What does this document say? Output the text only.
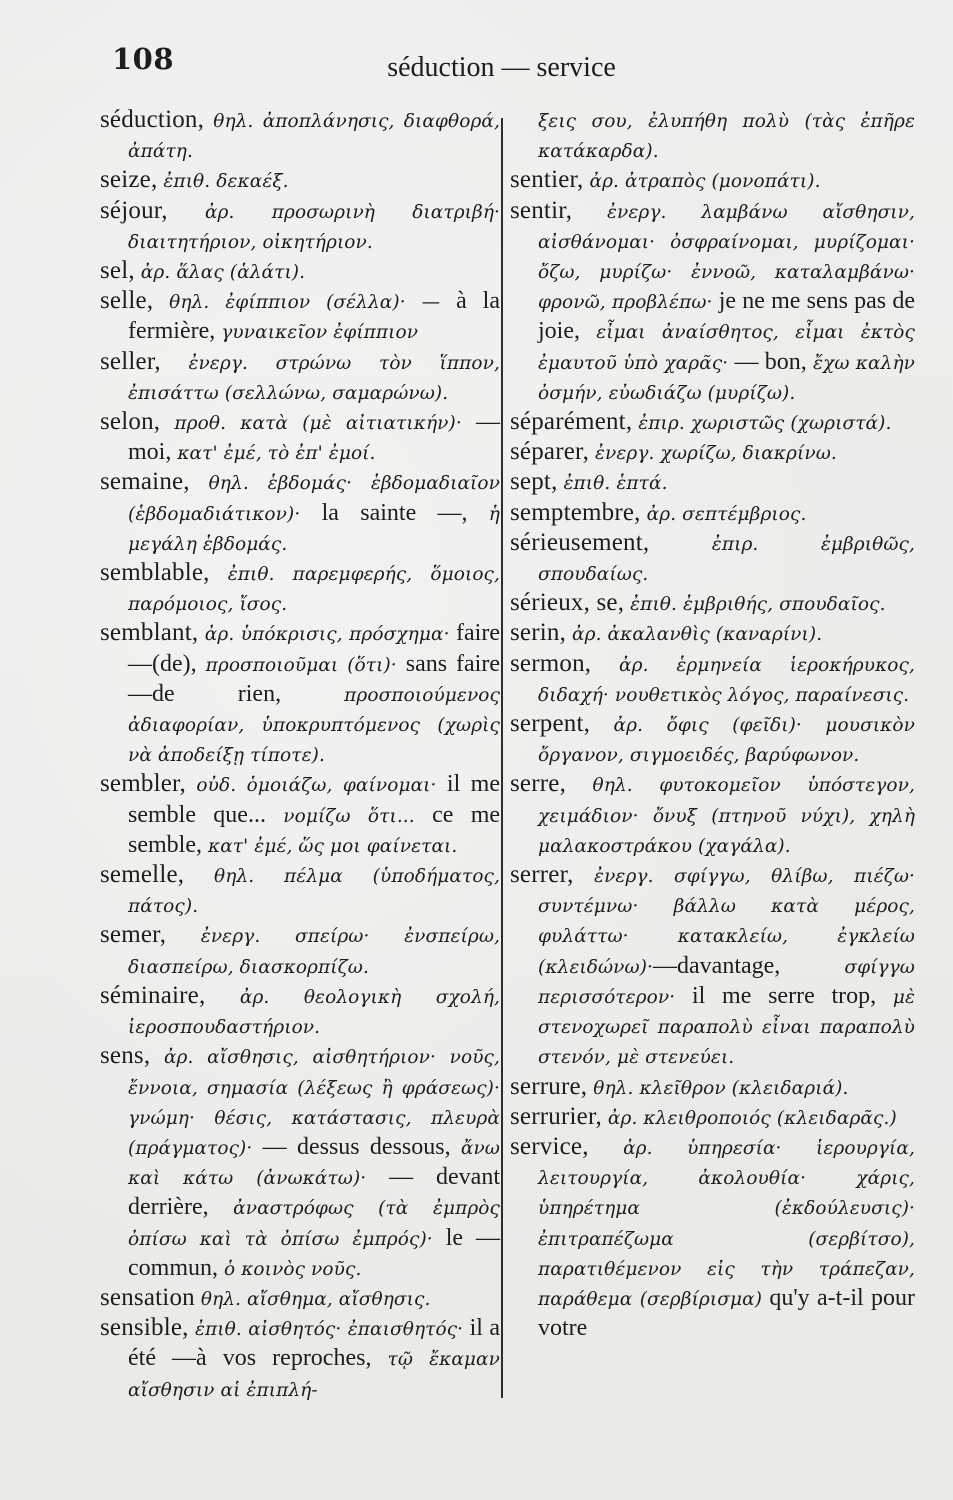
108	séduction — service

séduction, θηλ. ἀποπλάνησις, διαφθορά, ἀπάτη.

seize, ἐπιθ. δεκαέξ.

séjour, ἀρ. προσωρινὴ διατριβή· διαιτητήριον, οἰκητήριον.

sel, ἀρ. ἅλας (ἁλάτι).

selle, θηλ. ἐφίππιον (σέλλα)· — à la fermière, γυναικεῖον ἐφίππιον

seller, ἐνεργ. στρώνω τὸν ἵππον, ἐπισάττω (σελλώνω, σαμαρώνω).

selon, προθ. κατὰ (μὲ αἰτιατικήν)· —moi, κατ' ἐμέ, τὸ ἐπ' ἐμοί.

semaine, θηλ. ἑβδομάς· ἑβδομαδιαῖον (ἑβδομαδιάτικον)· la sainte —, ἡ μεγάλη ἑβδομάς.

semblable, ἐπιθ. παρεμφερής, ὅμοιος, παρόμοιος, ἴσος.

semblant, ἀρ. ὑπόκρισις, πρόσχημα· faire —(de), προσποιοῦμαι (ὅτι)· sans faire—de rien, προσποιούμενος ἀδιαφορίαν, ὑποκρυπτόμενος (χωρὶς νὰ ἀποδείξῃ τίποτε).

sembler, οὐδ. ὁμοιάζω, φαίνομαι· il me semble que... νομίζω ὅτι... ce me semble, κατ' ἐμέ, ὥς μοι φαίνεται.

semelle, θηλ. πέλμα (ὑποδήματος, πάτος).

semer, ἐνεργ. σπείρω· ἐνσπείρω, διασπείρω, διασκορπίζω.

séminaire, ἀρ. θεολογικὴ σχολή, ἱεροσπουδαστήριον.

sens, ἀρ. αἴσθησις, αἰσθητήριον· νοῦς, ἔννοια, σημασία (λέξεως ἢ φράσεως)· γνώμη· θέσις, κατάστασις, πλευρὰ (πράγματος)· — dessus dessous, ἄνω καὶ κάτω (ἀνωκάτω)· — devant derrière, ἀναστρόφως (τὰ ἐμπρὸς ὀπίσω καὶ τὰ ὀπίσω ἐμπρός)· le — commun, ὁ κοινὸς νοῦς.

sensation θηλ. αἴσθημα, αἴσθησις.

sensible, ἐπιθ. αἰσθητός· ἐπαισθητός· il a été —à vos reproches, τῷ ἔκαμαν αἴσθησιν αἱ ἐπιπλή-

ξεις σου, ἐλυπήθη πολὺ (τὰς ἐπῆρε κατάκαρδα).

sentier, ἀρ. ἀτραπὸς (μονοπάτι).

sentir, ἐνεργ. λαμβάνω αἴσθησιν, αἰσθάνομαι· ὀσφραίνομαι, μυρίζομαι· ὄζω, μυρίζω· ἐννοῶ, καταλαμβάνω· φρονῶ, προβλέπω· je ne me sens pas de joie, εἶμαι ἀναίσθητος, εἶμαι ἐκτὸς ἐμαυτοῦ ὑπὸ χαρᾶς· — bon, ἔχω καλὴν ὀσμήν, εὐωδιάζω (μυρίζω).

séparément, ἐπιρ. χωριστῶς (χωριστά).

séparer, ἐνεργ. χωρίζω, διακρίνω.

sept, ἐπιθ. ἑπτά.

semptembre, ἀρ. σεπτέμβριος.

sérieusement, ἐπιρ. ἐμβριθῶς, σπουδαίως.

sérieux, se, ἐπιθ. ἐμβριθής, σπουδαῖος.

serin, ἀρ. ἀκαλανθὶς (καναρίνι).

sermon, ἀρ. ἑρμηνεία ἱεροκήρυκος, διδαχή· νουθετικὸς λόγος, παραίνεσις.

serpent, ἀρ. ὄφις (φεῖδι)· μουσικὸν ὄργανον, σιγμοειδές, βαρύφωνον.

serre, θηλ. φυτοκομεῖον ὑπόστεγον, χειμάδιον· ὄνυξ (πτηνοῦ νύχι), χηλὴ μαλακοστράκου (χαγάλα).

serrer, ἐνεργ. σφίγγω, θλίβω, πιέζω· συντέμνω· βάλλω κατὰ μέρος, φυλάττω· κατακλείω, ἐγκλείω (κλειδώνω)·—davantage, σφίγγω περισσότερον· il me serre trop, μὲ στενοχωρεῖ παραπολὺ εἶναι παραπολὺ στενόν, μὲ στενεύει.

serrure, θηλ. κλεῖθρον (κλειδαριά).

serrurier, ἀρ. κλειθροποιός (κλειδαρᾶς.)

service, ἀρ. ὑπηρεσία· ἱερουργία, λειτουργία, ἀκολουθία· χάρις, ὑπηρέτημα (ἐκδούλευσις)· ἐπιτραπέζωμα (σερβίτσο), παρατιθέμενον εἰς τὴν τράπεζαν, παράθεμα (σερβίρισμα) qu'y a-t-il pour votre
